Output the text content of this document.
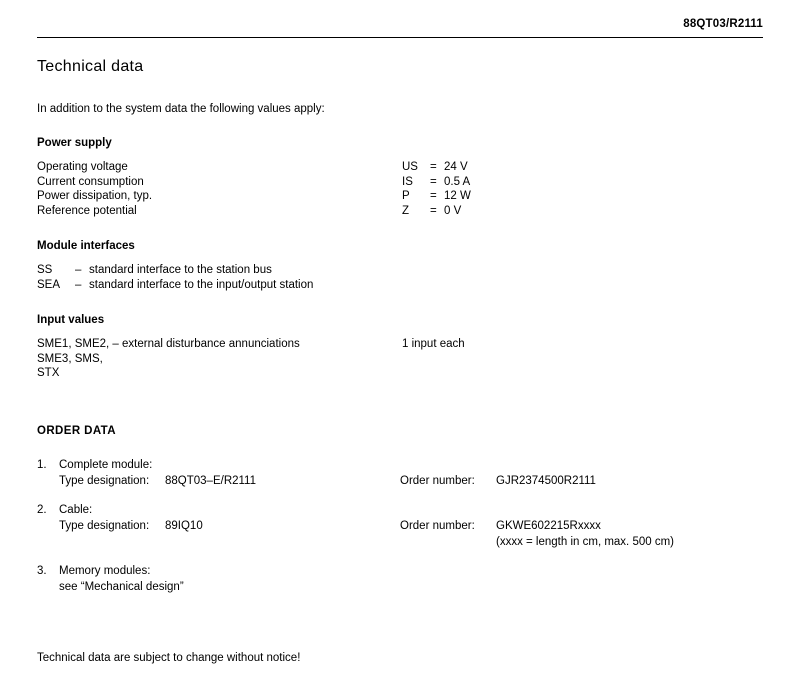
88QT03/R2111
Technical data
In addition to the system data the following values apply:
Power supply
Operating voltage	US	=	24 V
Current consumption	IS	=	0.5 A
Power dissipation, typ.	P	=	12 W
Reference potential	Z	=	0 V
Module interfaces
SS	–	standard interface to the station bus
SEA	–	standard interface to the input/output station
Input values
SME1, SME2, – external disturbance annunciations	1 input each
SME3, SMS,	
STX	
ORDER DATA
1.	Complete module:
Type designation:	88QT03–E/R2111	Order number:	GJR2374500R2111
2.	Cable:
Type designation:	89IQ10	Order number:	GKWE602215Rxxxx
(xxxx = length in cm, max. 500 cm)
3.	Memory modules:
see “Mechanical design”
Technical data are subject to change without notice!
